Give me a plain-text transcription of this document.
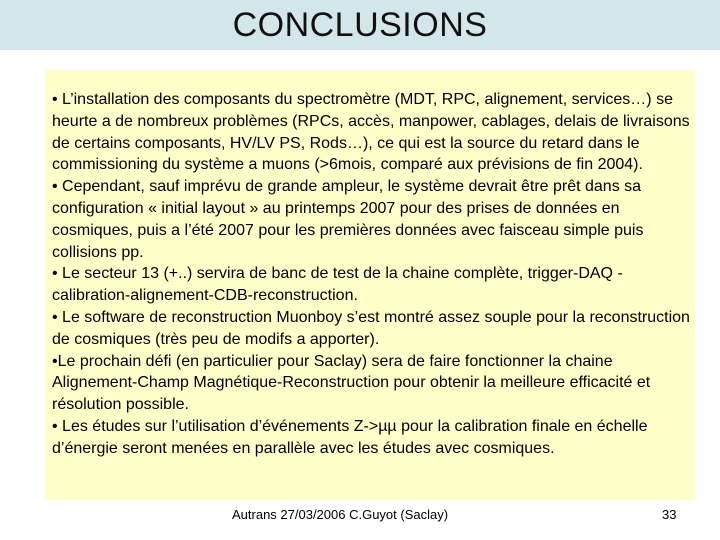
CONCLUSIONS

• L’installation des composants du spectromètre (MDT, RPC, alignement, services…) se heurte a de nombreux problèmes (RPCs, accès, manpower, cablages, delais de livraisons de certains composants, HV/LV PS, Rods…), ce qui est la source du retard dans le commissioning du système a muons (>6mois, comparé aux prévisions de fin 2004).

• Cependant, sauf imprévu de grande ampleur, le système devrait être prêt dans sa configuration « initial layout » au printemps 2007 pour des prises de données en cosmiques, puis a l’été 2007 pour les premières données avec faisceau simple puis collisions pp.

• Le secteur 13 (+..) servira de banc de test de la chaine complète, trigger-DAQ -calibration-alignement-CDB-reconstruction.

• Le software de reconstruction Muonboy s’est montré assez souple pour la reconstruction de cosmiques (très peu de modifs a apporter).

•Le prochain défi (en particulier pour Saclay) sera de faire fonctionner la chaine Alignement-Champ Magnétique-Reconstruction pour obtenir la meilleure efficacité et résolution possible.

• Les études sur l’utilisation d’événements Z->µµ pour la calibration finale en échelle d’énergie seront menées en parallèle avec les études avec cosmiques.

Autrans 27/03/2006 C.Guyot (Saclay)	33
